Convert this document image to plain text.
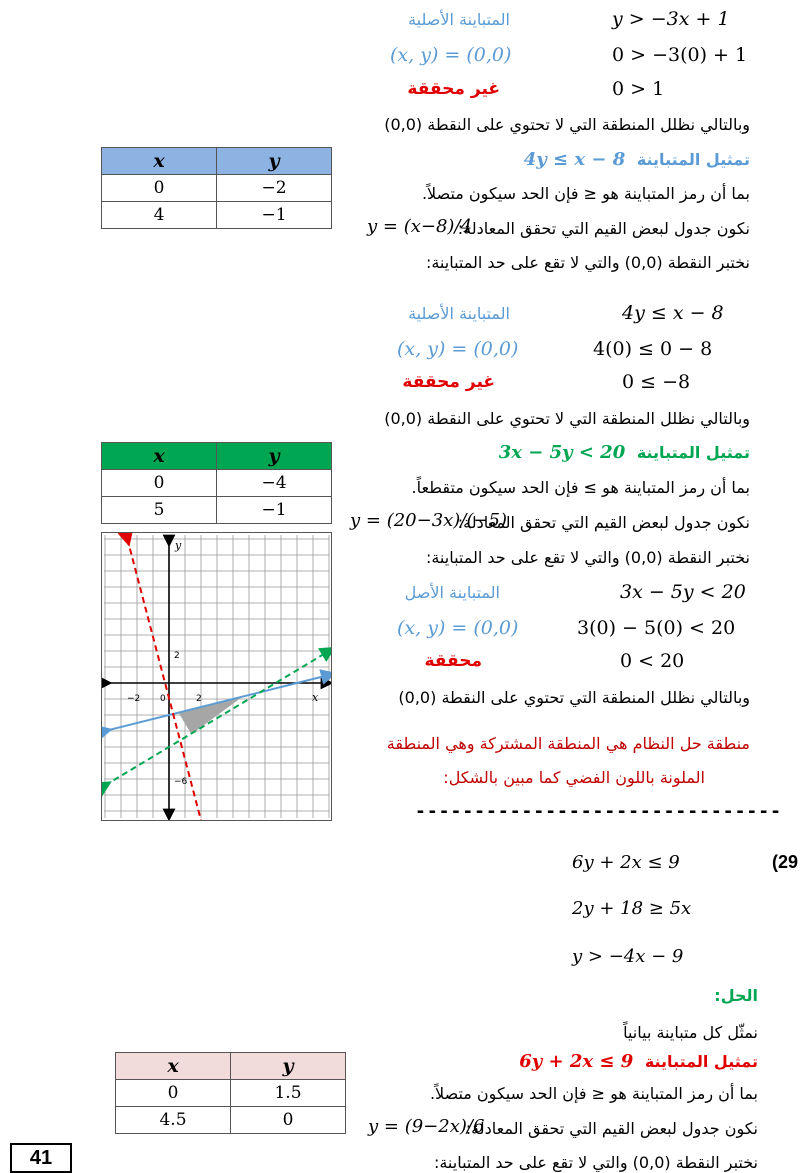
المتباينة الأصلية	y > −3x + 1
(x, y) = (0,0)	0 > −3(0) + 1
غير محققة	0 > 1
وبالتالي نظلل المنطقة التي لا تحتوي على النقطة (0,0)
تمثيل المتباينة 4y ≤ x − 8
x	y
0	−2
4	−1
بما أن رمز المتباينة هو ≤ فإن الحد سيكون متصلاً.
نكون جدول لبعض القيم التي تحقق المعادلة:
y = (x−8)/4
نختبر النقطة (0,0) والتي لا تقع على حد المتباينة:
المتباينة الأصلية	4y ≤ x − 8
(x, y) = (0,0)	4(0) ≤ 0 − 8
غير محققة	0 ≤ −8
وبالتالي نظلل المنطقة التي لا تحتوي على النقطة (0,0)
تمثيل المتباينة 3x − 5y < 20
x	y
0	−4
5	−1
بما أن رمز المتباينة هو ≥ فإن الحد سيكون متقطعاً.
نكون جدول لبعض القيم التي تحقق المعادلة:
y = (20−3x)/(−5)
نختبر النقطة (0,0) والتي لا تقع على حد المتباينة:
المتباينة الأصل	3x − 5y < 20
(x, y) = (0,0)	3(0) − 5(0) < 20
محققة	0 < 20
وبالتالي نظلل المنطقة التي تحتوي على النقطة (0,0)
منطقة حل النظام هي المنطقة المشتركة وهي المنطقة
الملونة باللون الفضي كما مبين بالشكل:
y
x
−2 0	2
2
−6
-------------------------------
(29
6y + 2x ≤ 9
2y + 18 ≥ 5x
y > −4x − 9
الحل:
نمثّل كل متباينة بيانياً
تمثيل المتباينة 6y + 2x ≤ 9
x	y
0	1.5
4.5	0
بما أن رمز المتباينة هو ≤ فإن الحد سيكون متصلاً.
نكون جدول لبعض القيم التي تحقق المعادلة:
y = (9−2x)/6
نختبر النقطة (0,0) والتي لا تقع على حد المتباينة:
41
